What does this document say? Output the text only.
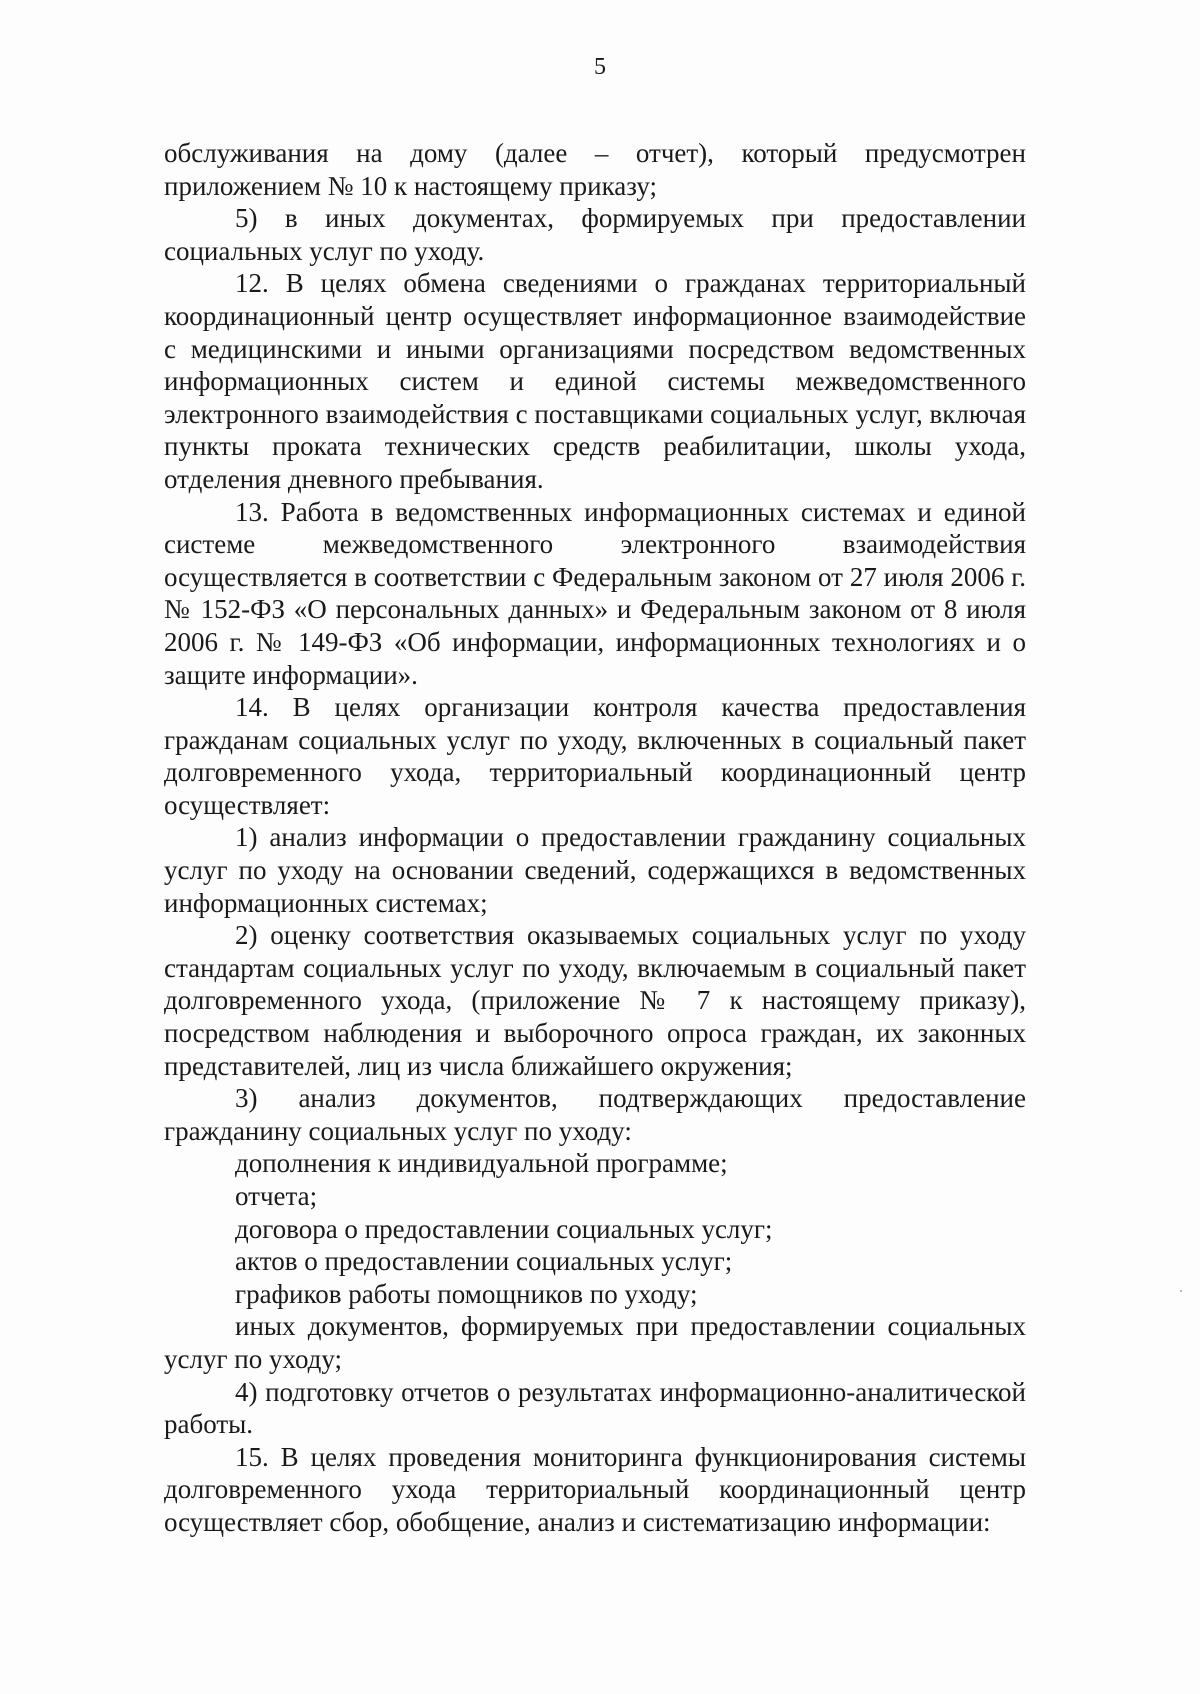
5

обслуживания на дому (далее – отчет), который предусмотрен приложением № 10 к настоящему приказу;

5) в иных документах, формируемых при предоставлении социальных услуг по уходу.

12. В целях обмена сведениями о гражданах территориальный координационный центр осуществляет информационное взаимодействие с медицинскими и иными организациями посредством ведомственных информационных систем и единой системы межведомственного электронного взаимодействия с поставщиками социальных услуг, включая пункты проката технических средств реабилитации, школы ухода, отделения дневного пребывания.

13. Работа в ведомственных информационных системах и единой системе межведомственного электронного взаимодействия осуществляется в соответствии с Федеральным законом от 27 июля 2006 г. № 152-ФЗ «О персональных данных» и Федеральным законом от 8 июля 2006 г. № 149-ФЗ «Об информации, информационных технологиях и о защите информации».

14. В целях организации контроля качества предоставления гражданам социальных услуг по уходу, включенных в социальный пакет долговременного ухода, территориальный координационный центр осуществляет:

1) анализ информации о предоставлении гражданину социальных услуг по уходу на основании сведений, содержащихся в ведомственных информационных системах;

2) оценку соответствия оказываемых социальных услуг по уходу стандартам социальных услуг по уходу, включаемым в социальный пакет долговременного ухода, (приложение № 7 к настоящему приказу), посредством наблюдения и выборочного опроса граждан, их законных представителей, лиц из числа ближайшего окружения;

3) анализ документов, подтверждающих предоставление гражданину социальных услуг по уходу:

дополнения к индивидуальной программе;

отчета;

договора о предоставлении социальных услуг;

актов о предоставлении социальных услуг;

графиков работы помощников по уходу;

иных документов, формируемых при предоставлении социальных услуг по уходу;

4) подготовку отчетов о результатах информационно-аналитической работы.

15. В целях проведения мониторинга функционирования системы долговременного ухода территориальный координационный центр осуществляет сбор, обобщение, анализ и систематизацию информации:
